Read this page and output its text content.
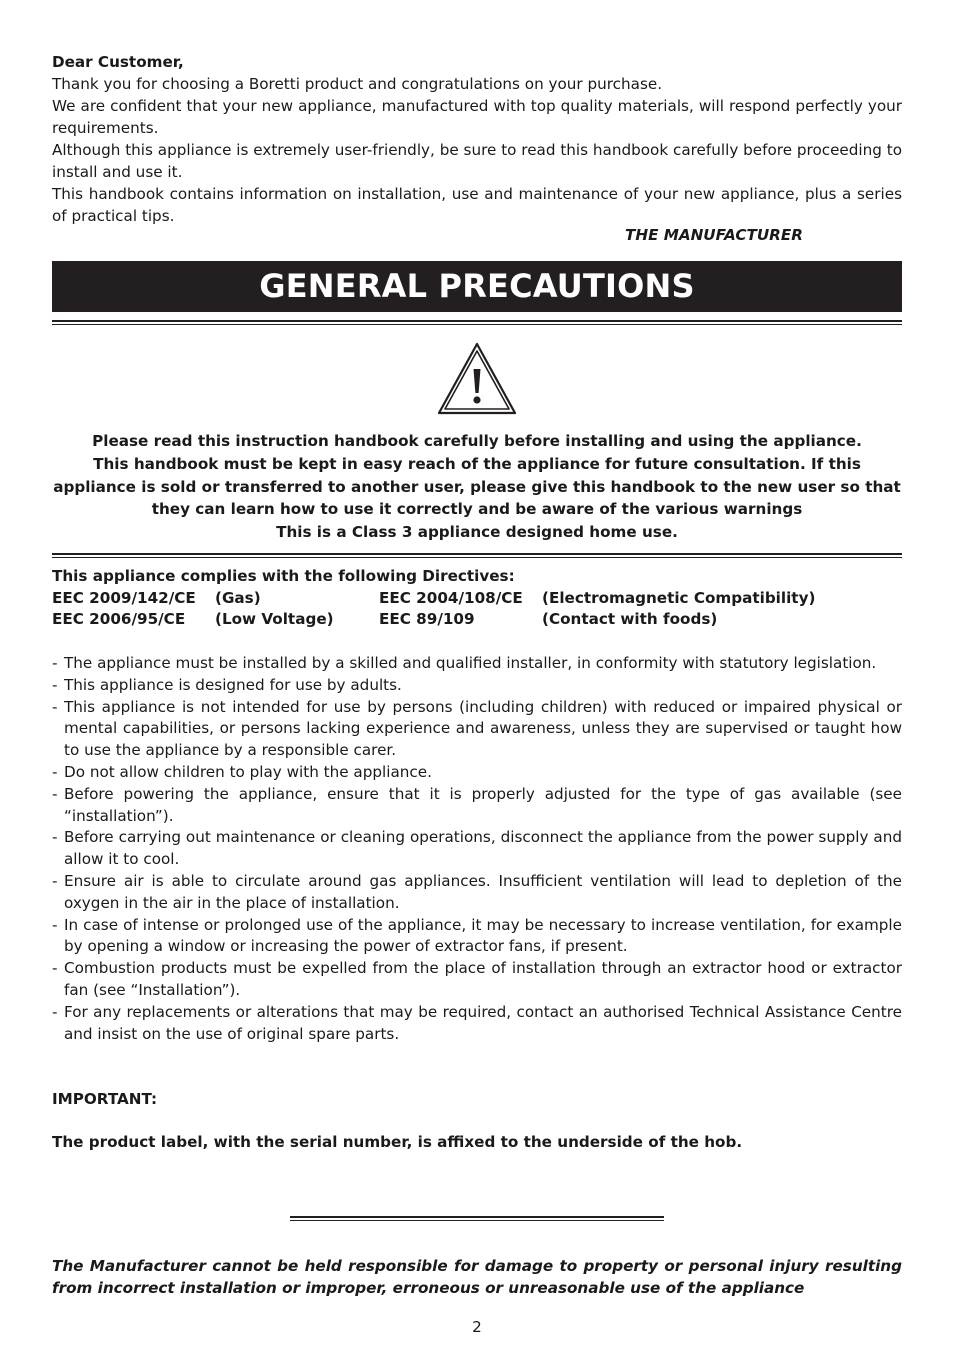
Dear Customer,

Thank you for choosing a Boretti product and congratulations on your purchase.

We are confident that your new appliance, manufactured with top quality materials, will respond perfectly your requirements.

Although this appliance is extremely user-friendly, be sure to read this handbook carefully before proceeding to install and use it.

This handbook contains information on installation, use and maintenance of your new appliance, plus a series of practical tips.

THE MANUFACTURER
GENERAL PRECAUTIONS
Please read this instruction handbook carefully before installing and using the appliance.
This handbook must be kept in easy reach of the appliance for future consultation. If this appliance is sold or transferred to another user, please give this handbook to the new user so that they can learn how to use it correctly and be aware of the various warnings
This is a Class 3 appliance designed home use.
This appliance complies with the following Directives:
EEC 2009/142/CE (Gas)	EEC 2004/108/CE (Electromagnetic Compatibility)
EEC 2006/95/CE (Low Voltage)	EEC 89/109	(Contact with foods)
- The appliance must be installed by a skilled and qualified installer, in conformity with statutory legislation.
- This appliance is designed for use by adults.
- This appliance is not intended for use by persons (including children) with reduced or impaired physical or mental capabilities, or persons lacking experience and awareness, unless they are supervised or taught how to use the appliance by a responsible carer.
- Do not allow children to play with the appliance.
- Before powering the appliance, ensure that it is properly adjusted for the type of gas available (see “installation”).
- Before carrying out maintenance or cleaning operations, disconnect the appliance from the power supply and allow it to cool.
- Ensure air is able to circulate around gas appliances. Insufficient ventilation will lead to depletion of the oxygen in the air in the place of installation.
- In case of intense or prolonged use of the appliance, it may be necessary to increase ventilation, for example by opening a window or increasing the power of extractor fans, if present.
- Combustion products must be expelled from the place of installation through an extractor hood or extractor fan (see “Installation”).
- For any replacements or alterations that may be required, contact an authorised Technical Assistance Centre and insist on the use of original spare parts.
IMPORTANT:
The product label, with the serial number, is affixed to the underside of the hob.
The Manufacturer cannot be held responsible for damage to property or personal injury resulting from incorrect installation or improper, erroneous or unreasonable use of the appliance
2
